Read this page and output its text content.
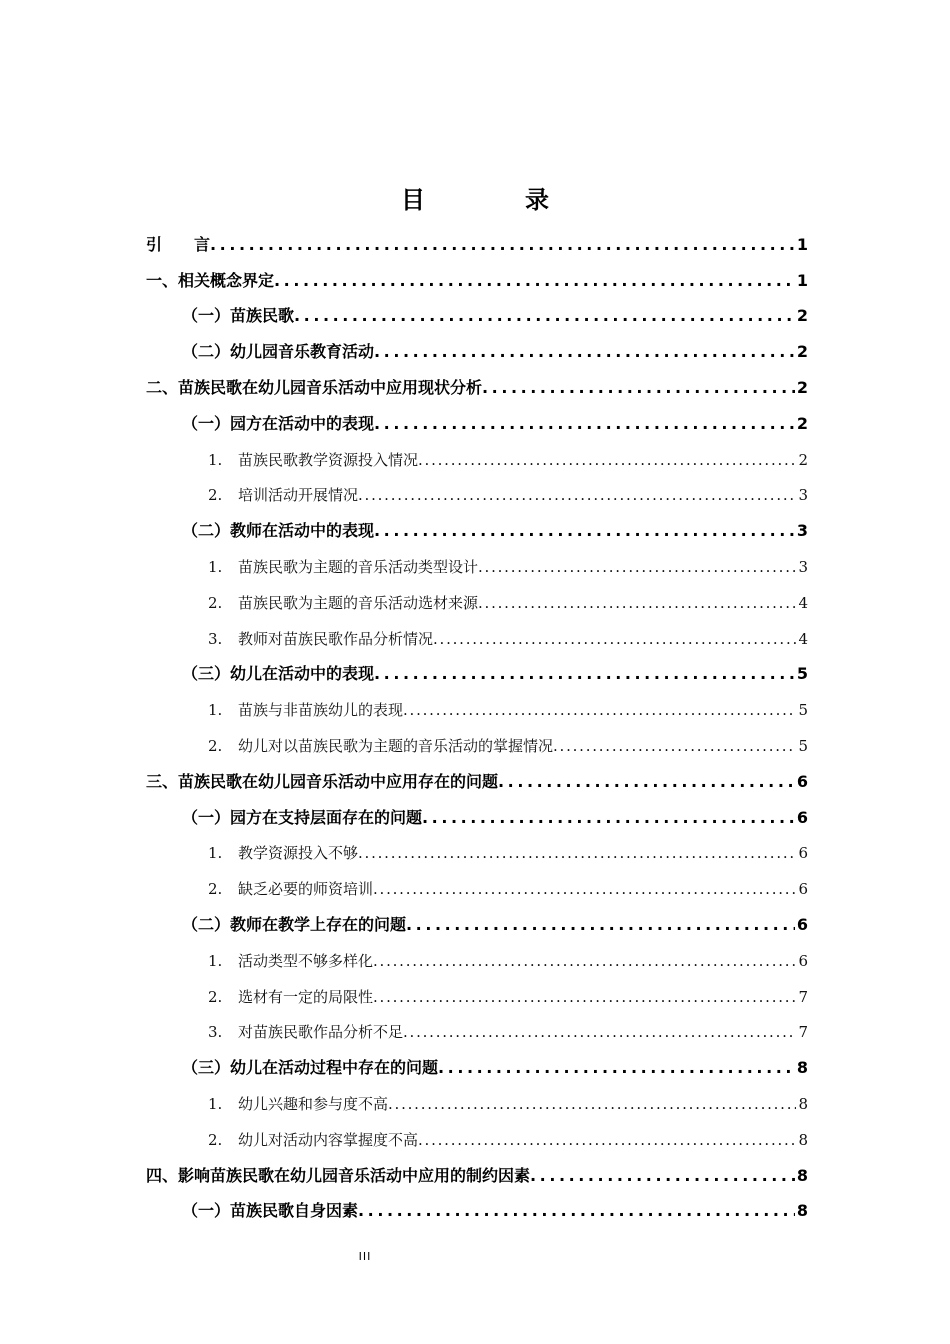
目　录
引　　言 . . .	1
一、相关概念界定 . . .	1
（一）苗族民歌 . . .	2
（二）幼儿园音乐教育活动 . . .	2
二、苗族民歌在幼儿园音乐活动中应用现状分析 . . .	2
（一）园方在活动中的表现 . . .	2
1. 苗族民歌教学资源投入情况 . . .	2
2. 培训活动开展情况 . . .	3
（二）教师在活动中的表现 . . .	3
1. 苗族民歌为主题的音乐活动类型设计 . . .	3
2. 苗族民歌为主题的音乐活动选材来源 . . .	4
3. 教师对苗族民歌作品分析情况 . . .	4
（三）幼儿在活动中的表现 . . .	5
1. 苗族与非苗族幼儿的表现 . . .	5
2. 幼儿对以苗族民歌为主题的音乐活动的掌握情况 . . .	5
三、苗族民歌在幼儿园音乐活动中应用存在的问题 . . .	6
（一）园方在支持层面存在的问题 . . .	6
1. 教学资源投入不够 . . .	6
2. 缺乏必要的师资培训 . . .	6
（二）教师在教学上存在的问题 . . .	6
1. 活动类型不够多样化 . . .	6
2. 选材有一定的局限性 . . .	7
3. 对苗族民歌作品分析不足 . . .	7
（三）幼儿在活动过程中存在的问题 . . .	8
1. 幼儿兴趣和参与度不高 . . .	8
2. 幼儿对活动内容掌握度不高 . . .	8
四、影响苗族民歌在幼儿园音乐活动中应用的制约因素 . . .	8
（一）苗族民歌自身因素 . . .	8
III
